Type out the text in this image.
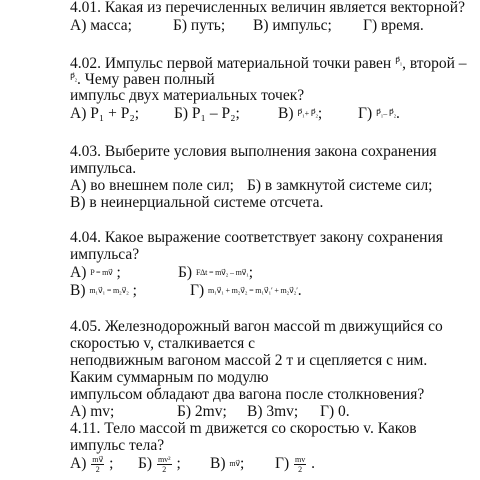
4.01. Какая из перечисленных величин является векторной?
А) масса;	Б) путь; В) импульс; Г) время.
4.02. Импульс первой материальной точки равен $^{P⃗_1}$, второй –
$^{P⃗_2}$. Чему равен полный
импульс двух материальных точек?
А) P₁ + P₂; Б) P₁ – P₂; В) P⃗₁+ P⃗₂; Г) P⃗₁– P⃗₂.
4.03. Выберите условия выполнения закона сохранения
импульса.
А) во внешнем поле сил; Б) в замкнутой системе сил;
В) в неинерциальной системе отсчета.
4.04. Какое выражение соответствует закону сохранения
импульса?
А) P = mv⃗ ;	Б) FΔt = mv⃗₂ – mv⃗₁;
В) m₁v⃗₁ = m₂v⃗₂ ;	Г) m₁v⃗₁ + m₂v⃗₂ = m₁v⃗₁′ + m₂v⃗₂′.
4.05. Железнодорожный вагон массой m движущийся со
скоростью v, сталкивается с
неподвижным вагоном массой 2 т и сцепляется с ним.
Каким суммарным по модулю
импульсом обладают два вагона после столкновения?
А) mv;	Б) 2mv; В) 3mv; Г) 0.
4.11. Тело массой m движется со скоростью v. Каков
импульс тела?
$А) \frac{mv⃗}{2}$ ; $Б) \frac{\text{mv²}}{2}$ ; В) mv⃗; $Г) \frac{mv}{2}$ .
